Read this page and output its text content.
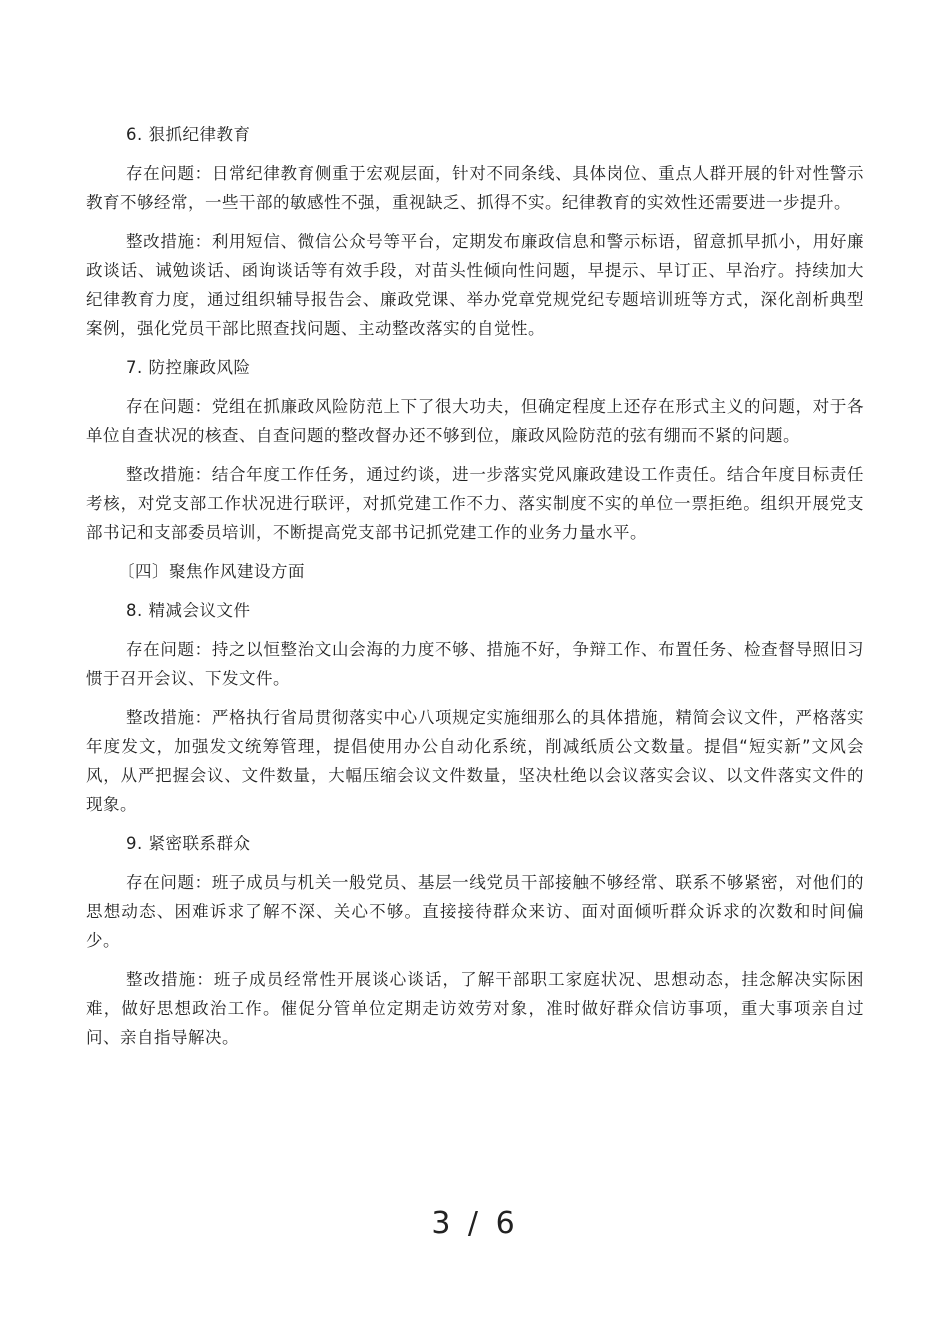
6. 狠抓纪律教育

存在问题：日常纪律教育侧重于宏观层面，针对不同条线、具体岗位、重点人群开展的针对性警示教育不够经常，一些干部的敏感性不强，重视缺乏、抓得不实。纪律教育的实效性还需要进一步提升。

整改措施：利用短信、微信公众号等平台，定期发布廉政信息和警示标语，留意抓早抓小，用好廉政谈话、诫勉谈话、函询谈话等有效手段，对苗头性倾向性问题，早提示、早订正、早治疗。持续加大纪律教育力度，通过组织辅导报告会、廉政党课、举办党章党规党纪专题培训班等方式，深化剖析典型案例，强化党员干部比照查找问题、主动整改落实的自觉性。

7. 防控廉政风险

存在问题：党组在抓廉政风险防范上下了很大功夫，但确定程度上还存在形式主义的问题，对于各单位自查状况的核查、自查问题的整改督办还不够到位，廉政风险防范的弦有绷而不紧的问题。

整改措施：结合年度工作任务，通过约谈，进一步落实党风廉政建设工作责任。结合年度目标责任考核，对党支部工作状况进行联评，对抓党建工作不力、落实制度不实的单位一票拒绝。组织开展党支部书记和支部委员培训，不断提高党支部书记抓党建工作的业务力量水平。

〔四〕聚焦作风建设方面

8. 精减会议文件

存在问题：持之以恒整治文山会海的力度不够、措施不好，争辩工作、布置任务、检查督导照旧习惯于召开会议、下发文件。

整改措施：严格执行省局贯彻落实中心八项规定实施细那么的具体措施，精简会议文件，严格落实年度发文，加强发文统筹管理，提倡使用办公自动化系统，削减纸质公文数量。提倡“短实新”文风会风，从严把握会议、文件数量，大幅压缩会议文件数量，坚决杜绝以会议落实会议、以文件落实文件的现象。

9. 紧密联系群众

存在问题：班子成员与机关一般党员、基层一线党员干部接触不够经常、联系不够紧密，对他们的思想动态、困难诉求了解不深、关心不够。直接接待群众来访、面对面倾听群众诉求的次数和时间偏少。

整改措施：班子成员经常性开展谈心谈话，了解干部职工家庭状况、思想动态，挂念解决实际困难，做好思想政治工作。催促分管单位定期走访效劳对象，准时做好群众信访事项，重大事项亲自过问、亲自指导解决。

3 / 6
